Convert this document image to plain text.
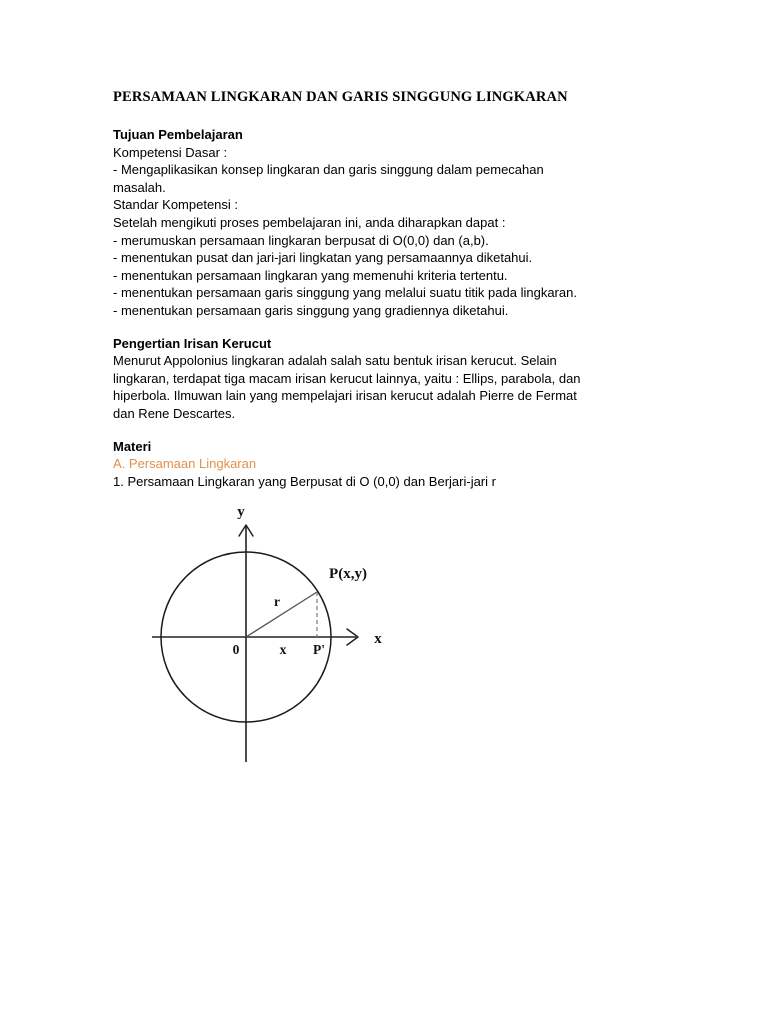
PERSAMAAN LINGKARAN DAN GARIS SINGGUNG LINGKARAN

Tujuan Pembelajaran

Kompetensi Dasar :

- Mengaplikasikan konsep lingkaran dan garis singgung dalam pemecahan

masalah.

Standar Kompetensi :

Setelah mengikuti proses pembelajaran ini, anda diharapkan dapat :

- merumuskan persamaan lingkaran berpusat di O(0,0) dan (a,b).

- menentukan pusat dan jari-jari lingkatan yang persamaannya diketahui.

- menentukan persamaan lingkaran yang memenuhi kriteria tertentu.

- menentukan persamaan garis singgung yang melalui suatu titik pada lingkaran.

- menentukan persamaan garis singgung yang gradiennya diketahui.

Pengertian Irisan Kerucut

Menurut Appolonius lingkaran adalah salah satu bentuk irisan kerucut. Selain

lingkaran, terdapat tiga macam irisan kerucut lainnya, yaitu : Ellips, parabola, dan

hiperbola. Ilmuwan lain yang mempelajari irisan kerucut adalah Pierre de Fermat

dan Rene Descartes.

Materi

A. Persamaan Lingkaran

1. Persamaan Lingkaran yang Berpusat di O (0,0) dan Berjari-jari r

y
x
0
r
x
P(x,y)
P'
